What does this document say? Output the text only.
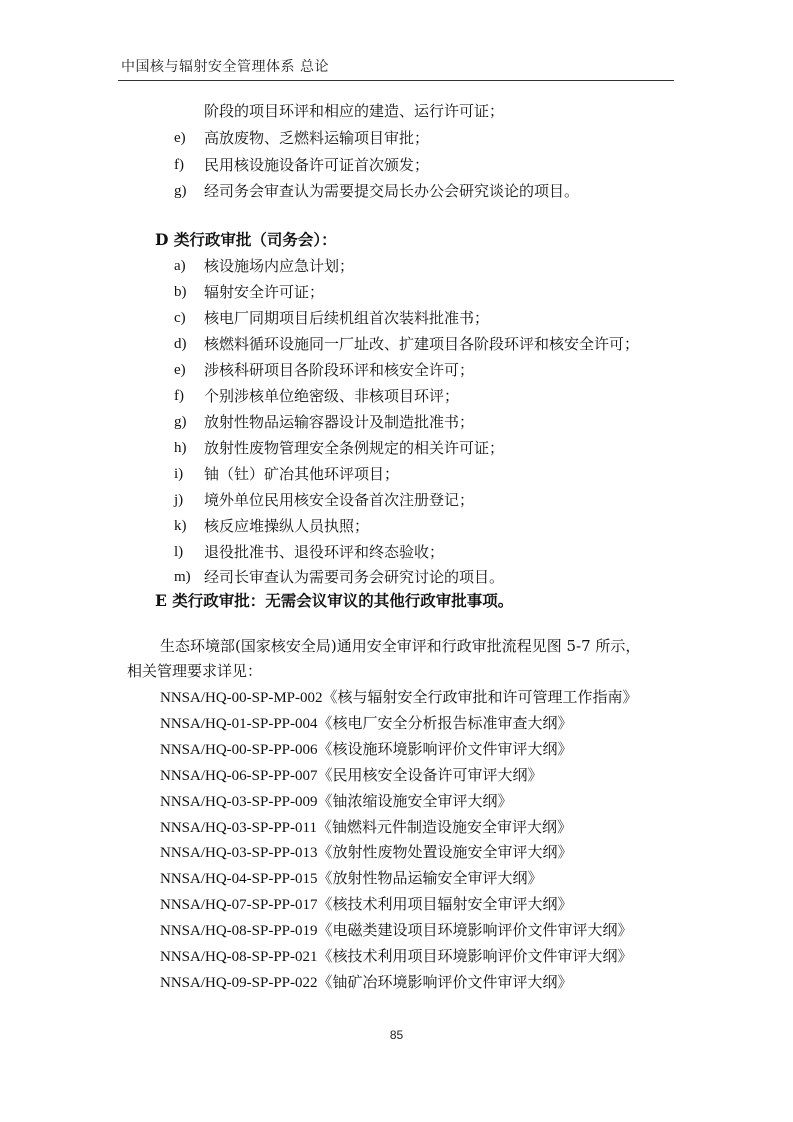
中国核与辐射安全管理体系 总论
阶段的项目环评和相应的建造、运行许可证；
e) 高放废物、乏燃料运输项目审批；
f) 民用核设施设备许可证首次颁发；
g) 经司务会审查认为需要提交局长办公会研究谈论的项目。
D 类行政审批（司务会）：
a) 核设施场内应急计划；
b) 辐射安全许可证；
c) 核电厂同期项目后续机组首次装料批准书；
d) 核燃料循环设施同一厂址改、扩建项目各阶段环评和核安全许可；
e) 涉核科研项目各阶段环评和核安全许可；
f) 个别涉核单位绝密级、非核项目环评；
g) 放射性物品运输容器设计及制造批准书；
h) 放射性废物管理安全条例规定的相关许可证；
i) 铀（钍）矿冶其他环评项目；
j) 境外单位民用核安全设备首次注册登记；
k) 核反应堆操纵人员执照；
l) 退役批准书、退役环评和终态验收；
m) 经司长审查认为需要司务会研究讨论的项目。
E 类行政审批：无需会议审议的其他行政审批事项。
生态环境部(国家核安全局)通用安全审评和行政审批流程见图 5-7 所示，
相关管理要求详见：
NNSA/HQ-00-SP-MP-002《核与辐射安全行政审批和许可管理工作指南》
NNSA/HQ-01-SP-PP-004《核电厂安全分析报告标准审查大纲》
NNSA/HQ-00-SP-PP-006《核设施环境影响评价文件审评大纲》
NNSA/HQ-06-SP-PP-007《民用核安全设备许可审评大纲》
NNSA/HQ-03-SP-PP-009《铀浓缩设施安全审评大纲》
NNSA/HQ-03-SP-PP-011《铀燃料元件制造设施安全审评大纲》
NNSA/HQ-03-SP-PP-013《放射性废物处置设施安全审评大纲》
NNSA/HQ-04-SP-PP-015《放射性物品运输安全审评大纲》
NNSA/HQ-07-SP-PP-017《核技术利用项目辐射安全审评大纲》
NNSA/HQ-08-SP-PP-019《电磁类建设项目环境影响评价文件审评大纲》
NNSA/HQ-08-SP-PP-021《核技术利用项目环境影响评价文件审评大纲》
NNSA/HQ-09-SP-PP-022《铀矿冶环境影响评价文件审评大纲》
85
